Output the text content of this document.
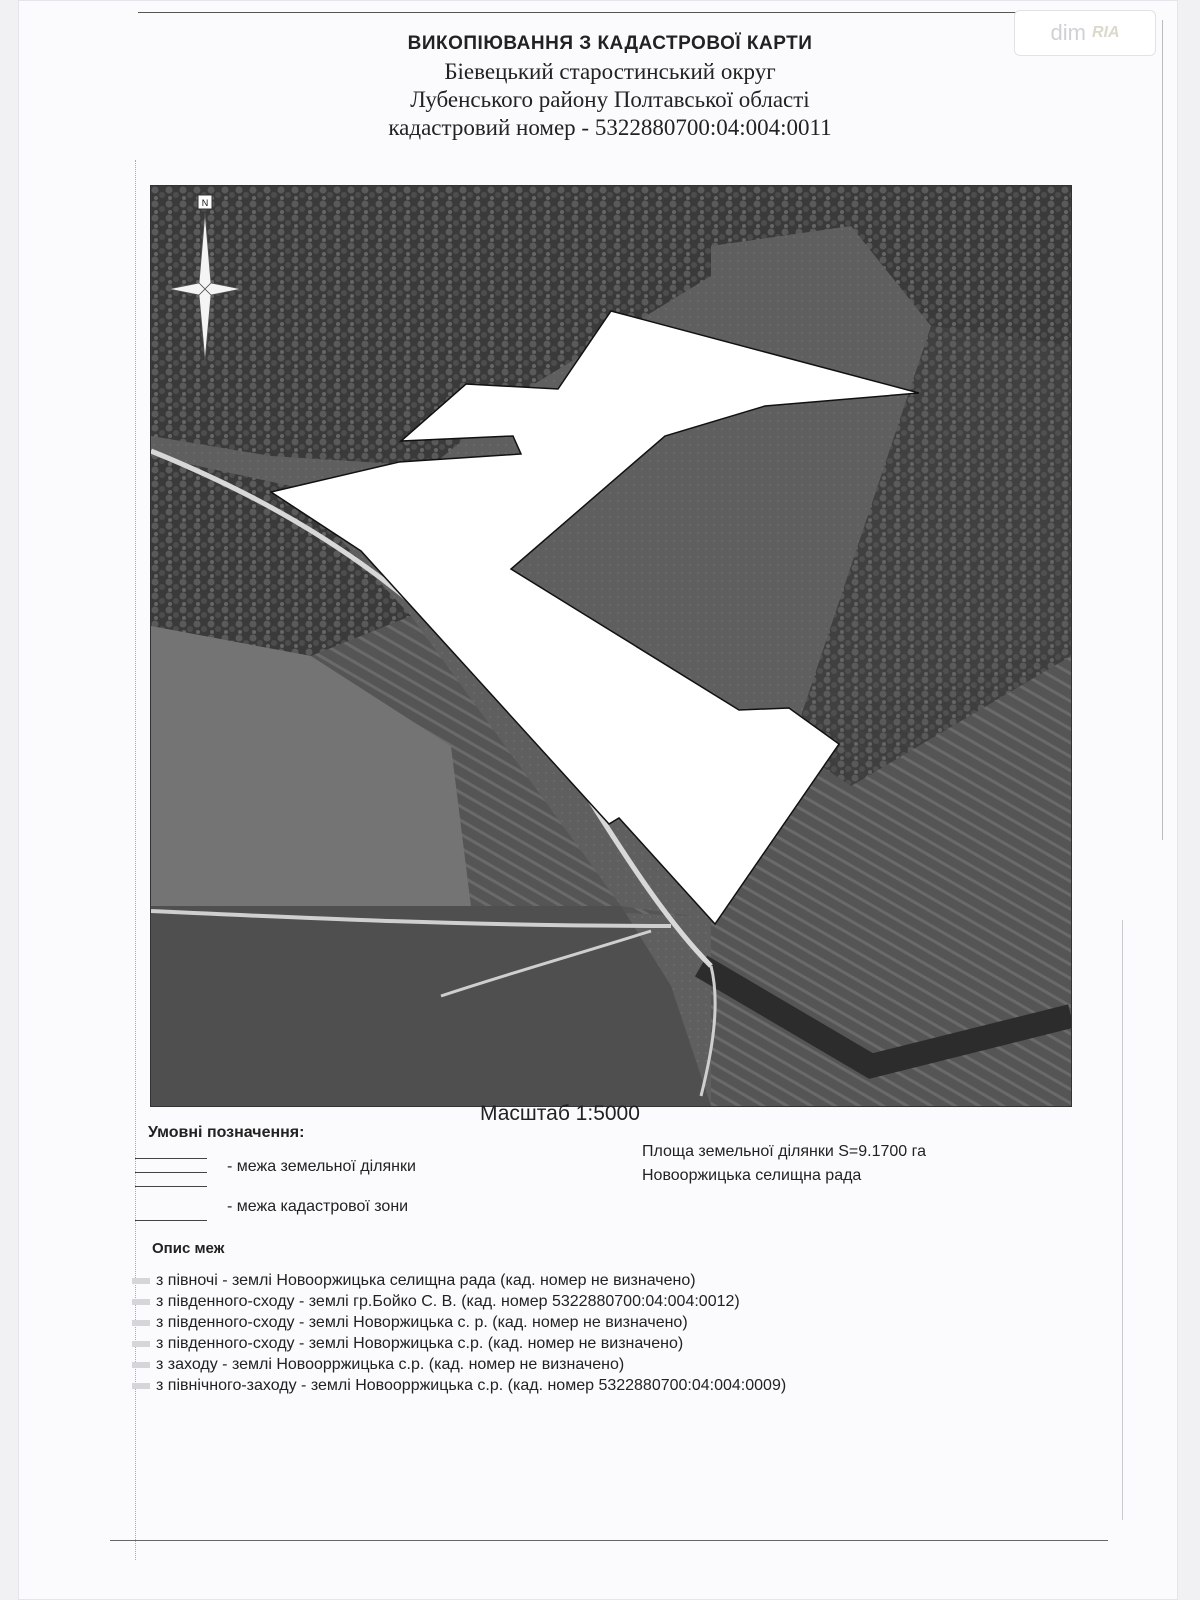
dim RIA
ВИКОПІЮВАННЯ З КАДАСТРОВОЇ КАРТИ
Біевецький старостинський округ
Лубенського району Полтавської області
кадастровий номер - 5322880700:04:004:0011
N
Масштаб 1:5000
Умовні позначення:
- межа земельної ділянки
- межа кадастрової зони
Площа земельної ділянки S=9.1700 га
Новооржицька селищна рада
Опис меж
з півночі - землі Новооржицька селищна рада (кад. номер не визначено)
з південного-сходу - землі гр.Бойко С. В. (кад. номер 5322880700:04:004:0012)
з південного-сходу - землі Новоржицька с. р. (кад. номер не визначено)
з південного-сходу - землі Новоржицька с.р. (кад. номер не визначено)
з заходу - землі Новоорржицька с.р. (кад. номер не визначено)
з північного-заходу - землі Новоорржицька с.р. (кад. номер 5322880700:04:004:0009)
